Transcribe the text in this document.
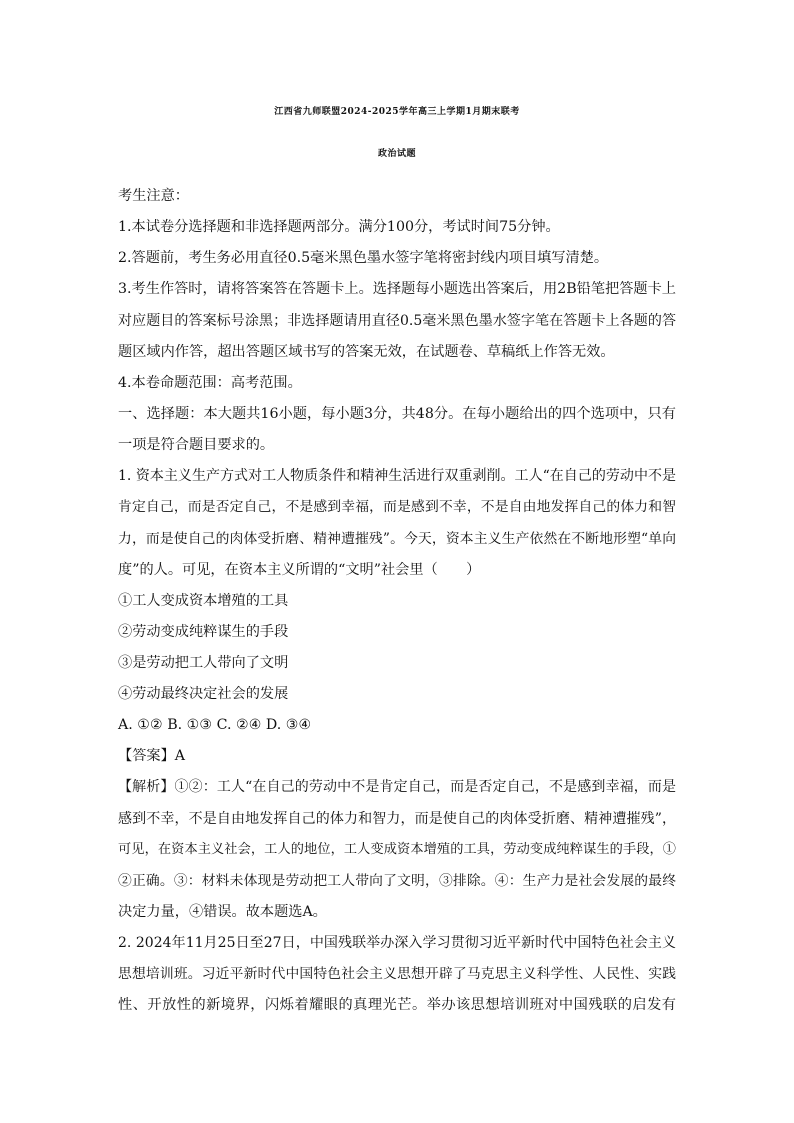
江西省九师联盟2024-2025学年高三上学期1月期末联考
政治试题
考生注意：
1.本试卷分选择题和非选择题两部分。满分100分，考试时间75分钟。
2.答题前，考生务必用直径0.5毫米黑色墨水签字笔将密封线内项目填写清楚。
3.考生作答时，请将答案答在答题卡上。选择题每小题选出答案后，用2B铅笔把答题卡上
对应题目的答案标号涂黑；非选择题请用直径0.5毫米黑色墨水签字笔在答题卡上各题的答
题区域内作答，超出答题区域书写的答案无效，在试题卷、草稿纸上作答无效。
4.本卷命题范围：高考范围。
一、选择题：本大题共16小题，每小题3分，共48分。在每小题给出的四个选项中，只有
一项是符合题目要求的。
1. 资本主义生产方式对工人物质条件和精神生活进行双重剥削。工人“在自己的劳动中不是
肯定自己，而是否定自己，不是感到幸福，而是感到不幸，不是自由地发挥自己的体力和智
力，而是使自己的肉体受折磨、精神遭摧残”。今天，资本主义生产依然在不断地形塑“单向
度”的人。可见，在资本主义所谓的“文明”社会里（　　）
①工人变成资本增殖的工具
②劳动变成纯粹谋生的手段
③是劳动把工人带向了文明
④劳动最终决定社会的发展
A. ①② B. ①③ C. ②④ D. ③④
【答案】A
【解析】①②：工人“在自己的劳动中不是肯定自己，而是否定自己，不是感到幸福，而是
感到不幸，不是自由地发挥自己的体力和智力，而是使自己的肉体受折磨、精神遭摧残”，
可见，在资本主义社会，工人的地位，工人变成资本增殖的工具，劳动变成纯粹谋生的手段，①
②正确。③：材料未体现是劳动把工人带向了文明，③排除。④：生产力是社会发展的最终
决定力量，④错误。故本题选A。
2. 2024年11月25日至27日，中国残联举办深入学习贯彻习近平新时代中国特色社会主义
思想培训班。习近平新时代中国特色社会主义思想开辟了马克思主义科学性、人民性、实践
性、开放性的新境界，闪烁着耀眼的真理光芒。举办该思想培训班对中国残联的启发有
